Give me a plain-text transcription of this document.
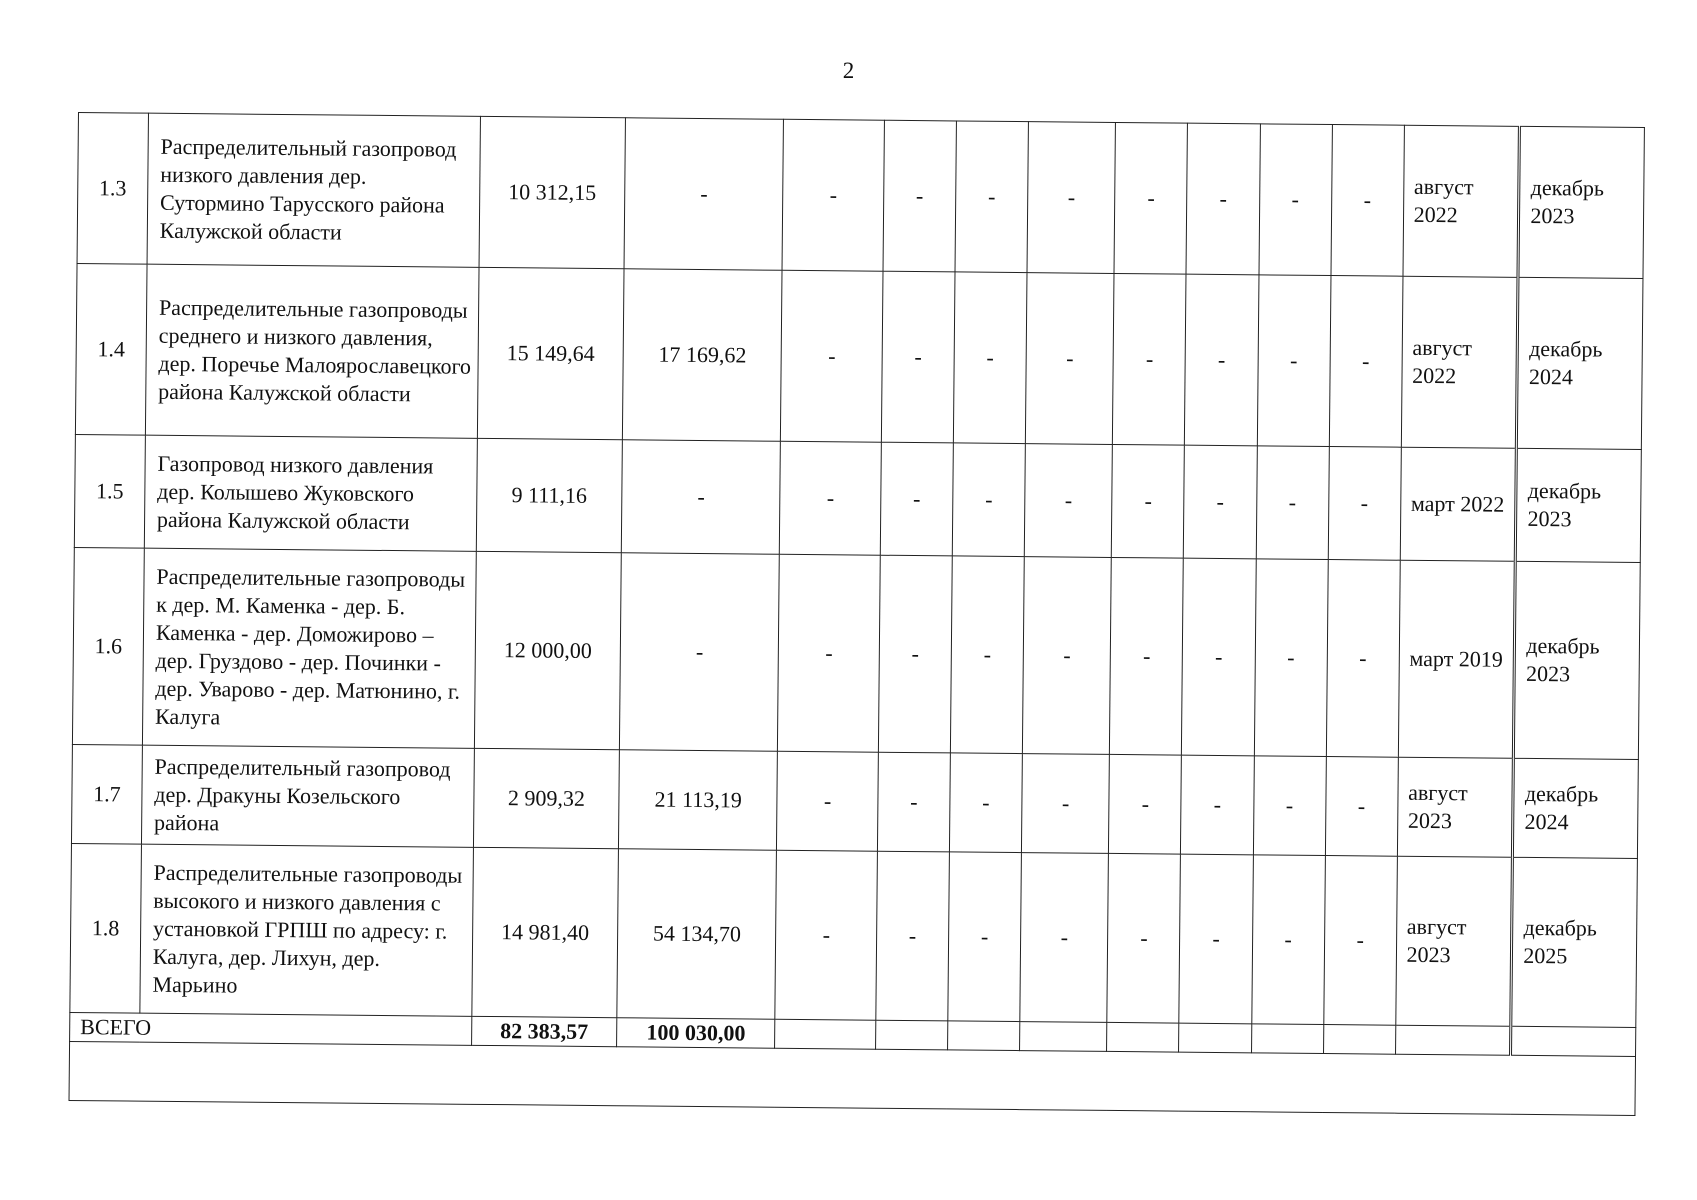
2
1.3	Распределительный газопровод низкого давления дер. Сутормино Тарусского района Калужской области	10 312,15	-	-	-	-	-	-	-	-	-	август 2022	декабрь 2023
1.4	Распределительные газопроводы среднего и низкого давления, дер. Поречье Малоярославецкого района Калужской области	15 149,64	17 169,62	-	-	-	-	-	-	-	-	август 2022	декабрь 2024
1.5	Газопровод низкого давления дер. Колышево Жуковского района Калужской области	9 111,16	-	-	-	-	-	-	-	-	-	март 2022	декабрь 2023
1.6	Распределительные газопроводы к дер. М. Каменка - дер. Б. Каменка - дер. Доможирово – дер. Груздово - дер. Починки - дер. Уварово - дер. Матюнино, г. Калуга	12 000,00	-	-	-	-	-	-	-	-	-	март 2019	декабрь 2023
1.7	Распределительный газопровод дер. Дракуны Козельского района	2 909,32	21 113,19	-	-	-	-	-	-	-	-	август 2023	декабрь 2024
1.8	Распределительные газопроводы высокого и низкого давления с установкой ГРПШ по адресу: г. Калуга, дер. Лихун, дер. Марьино	14 981,40	54 134,70	-	-	-	-	-	-	-	-	август 2023	декабрь 2025
ВСЕГО		82 383,57	100 030,00										
